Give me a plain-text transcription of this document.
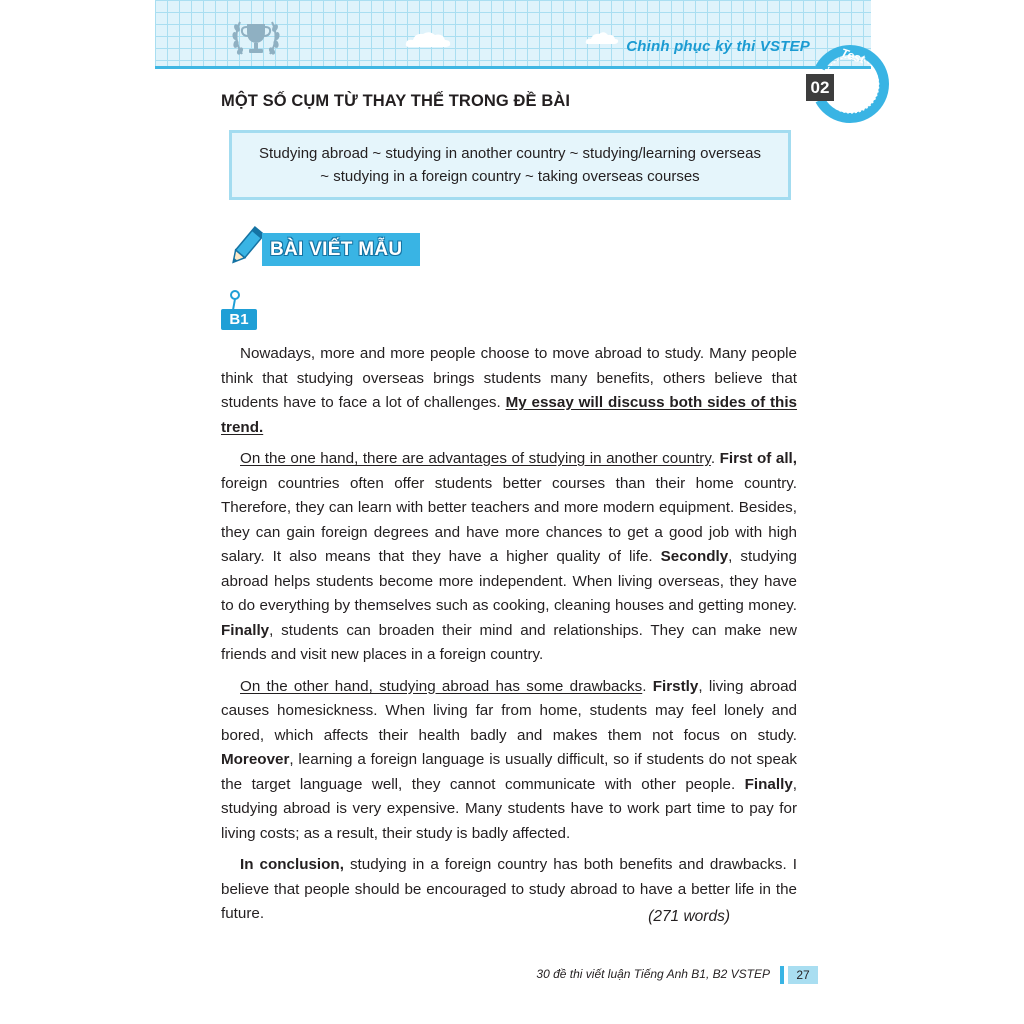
Chinh phục kỳ thi VSTEP Test
02
MỘT SỐ CỤM TỪ THAY THẾ TRONG ĐỀ BÀI
Studying abroad ~ studying in another country ~ studying/learning overseas
~ studying in a foreign country ~ taking overseas courses
BÀI VIẾT MẪU
B1

Nowadays, more and more people choose to move abroad to study. Many people think that studying overseas brings students many benefits, others believe that students have to face a lot of challenges. My essay will discuss both sides of this trend.

On the one hand, there are advantages of studying in another country. First of all, foreign countries often offer students better courses than their home country. Therefore, they can learn with better teachers and more modern equipment. Besides, they can gain foreign degrees and have more chances to get a good job with high salary. It also means that they have a higher quality of life. Secondly, studying abroad helps students become more independent. When living overseas, they have to do everything by themselves such as cooking, cleaning houses and getting money. Finally, students can broaden their mind and relationships. They can make new friends and visit new places in a foreign country.

On the other hand, studying abroad has some drawbacks. Firstly, living abroad causes homesickness. When living far from home, students may feel lonely and bored, which affects their health badly and makes them not focus on study. Moreover, learning a foreign language is usually difficult, so if students do not speak the target language well, they cannot communicate with other people. Finally, studying abroad is very expensive. Many students have to work part time to pay for living costs; as a result, their study is badly affected.

In conclusion, studying in a foreign country has both benefits and drawbacks. I believe that people should be encouraged to study abroad to have a better life in the future.	(271 words)
30 đề thi viết luận Tiếng Anh B1, B2 VSTEP	27
